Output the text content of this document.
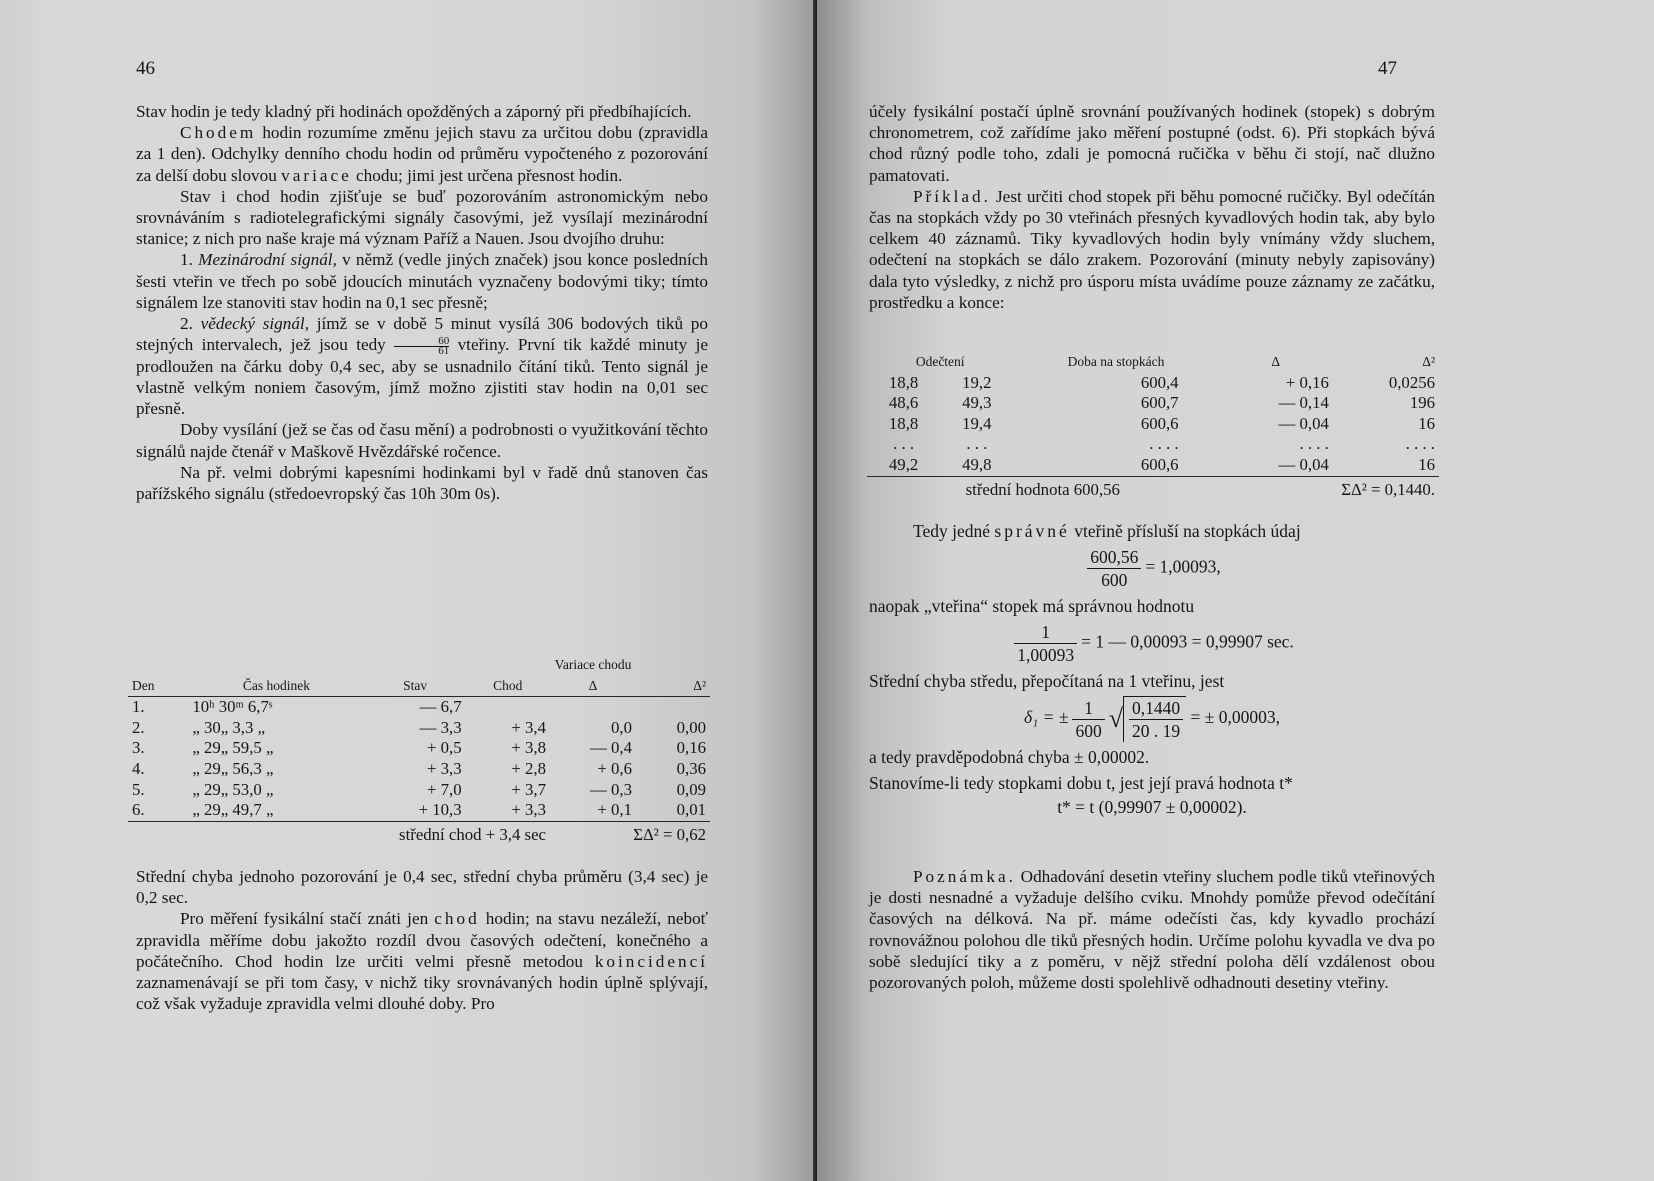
46

Stav hodin je tedy kladný při hodinách opožděných a záporný při předbíhajících.

Chodem hodin rozumíme změnu jejich stavu za určitou dobu (zpravidla za 1 den). Odchylky denního chodu hodin od průměru vypočteného z pozorování za delší dobu slovou variace chodu; jimi jest určena přesnost hodin.

Stav i chod hodin zjišťuje se buď pozorováním astronomickým nebo srovnáváním s radiotelegrafickými signály časovými, jež vysílají mezinárodní stanice; z nich pro naše kraje má význam Paříž a Nauen. Jsou dvojího druhu:

1. Mezinárodní signál, v němž (vedle jiných značek) jsou konce posledních šesti vteřin ve třech po sobě jdoucích minutách vyznačeny bodovými tiky; tímto signálem lze stanoviti stav hodin na 0,1 sec přesně;

2. vědecký signál, jímž se v době 5 minut vysílá 306 bodových tiků po stejných intervalech, jež jsou tedy $\frac{60}{61}$ vteřiny. První tik každé minuty je prodloužen na čárku doby 0,4 sec, aby se usnadnilo čítání tiků. Tento signál je vlastně velkým noniem časovým, jímž možno zjistiti stav hodin na 0,01 sec přesně.

Doby vysílání (jež se čas od času mění) a podrobnosti o využitkování těchto signálů najde čtenář v Maškově Hvězdářské ročence.

Na př. velmi dobrými kapesními hodinkami byl v řadě dnů stanoven čas pařížského signálu (středoevropský čas 10h 30m 0s).

Den	Čas hodinek	Stav	Chod	Variace chodu Δ	Δ²
1.	10ʰ 30ᵐ 6,7ˢ	— 6,7			
2.	„ 30„ 3,3 „	— 3,3	+ 3,4	0,0	0,00
3.	„ 29„ 59,5 „	+ 0,5	+ 3,8	— 0,4	0,16
4.	„ 29„ 56,3 „	+ 3,3	+ 2,8	+ 0,6	0,36
5.	„ 29„ 53,0 „	+ 7,0	+ 3,7	— 0,3	0,09
6.	„ 29„ 49,7 „	+ 10,3	+ 3,3	+ 0,1	0,01
	střední chod + 3,4 sec			ΣΔ² = 0,62	

Střední chyba jednoho pozorování je 0,4 sec, střední chyba průměru (3,4 sec) je 0,2 sec.

Pro měření fysikální stačí znáti jen chod hodin; na stavu nezáleží, neboť zpravidla měříme dobu jakožto rozdíl dvou časových odečtení, konečného a počátečního. Chod hodin lze určiti velmi přesně metodou koincidencí zaznamenávají se při tom časy, v nichž tiky srovnávaných hodin úplně splývají, což však vyžaduje zpravidla velmi dlouhé doby. Pro

47

účely fysikální postačí úplně srovnání používaných hodinek (stopek) s dobrým chronometrem, což zařídíme jako měření postupné (odst. 6). Při stopkách bývá chod různý podle toho, zdali je pomocná ručička v běhu či stojí, nač dlužno pamatovati.

Příklad. Jest určiti chod stopek při běhu pomocné ručičky. Byl odečítán čas na stopkách vždy po 30 vteřinách přesných kyvadlových hodin tak, aby bylo celkem 40 záznamů. Tiky kyvadlových hodin byly vnímány vždy sluchem, odečtení na stopkách se dálo zrakem. Pozorování (minuty nebyly zapisovány) dala tyto výsledky, z nichž pro úsporu místa uvádíme pouze záznamy ze začátku, prostředku a konce:

Odečtení		Doba na stopkách	Δ	Δ²
18,8	19,2	600,4	+ 0,16	0,0256
48,6	49,3	600,7	— 0,14	196
18,8	19,4	600,6	— 0,04	16
. . .	. . .	. . . .	. . . .	. . . .
49,2	49,8	600,6	— 0,04	16
střední hodnota 600,56			ΣΔ² = 0,1440.	

Tedy jedné správné vteřině přísluší na stopkách údaj

$\frac{600,56}{600} = 1,00093$,

naopak „vteřina“ stopek má správnou hodnotu

$\frac{1}{1,00093} = 1$ — 0,00093 = 0,99907 sec.

Střední chyba středu, přepočítaná na 1 vteřinu, jest

δ₁ = ± $\frac{1}{600}$ √ $\frac{0,1440}{20 . 19}$ = ± 0,00003,

a tedy pravděpodobná chyba ± 0,00002.

Stanovíme-li tedy stopkami dobu t, jest její pravá hodnota t*

t* = t (0,99907 ± 0,00002).

Poznámka. Odhadování desetin vteřiny sluchem podle tiků vteřinových je dosti nesnadné a vyžaduje delšího cviku. Mnohdy pomůže převod odečítání časových na délková. Na př. máme odečísti čas, kdy kyvadlo prochází rovnovážnou polohou dle tiků přesných hodin. Určíme polohu kyvadla ve dva po sobě sledující tiky a z poměru, v nějž střední poloha dělí vzdálenost obou pozorovaných poloh, můžeme dosti spolehlivě odhadnouti desetiny vteřiny.
